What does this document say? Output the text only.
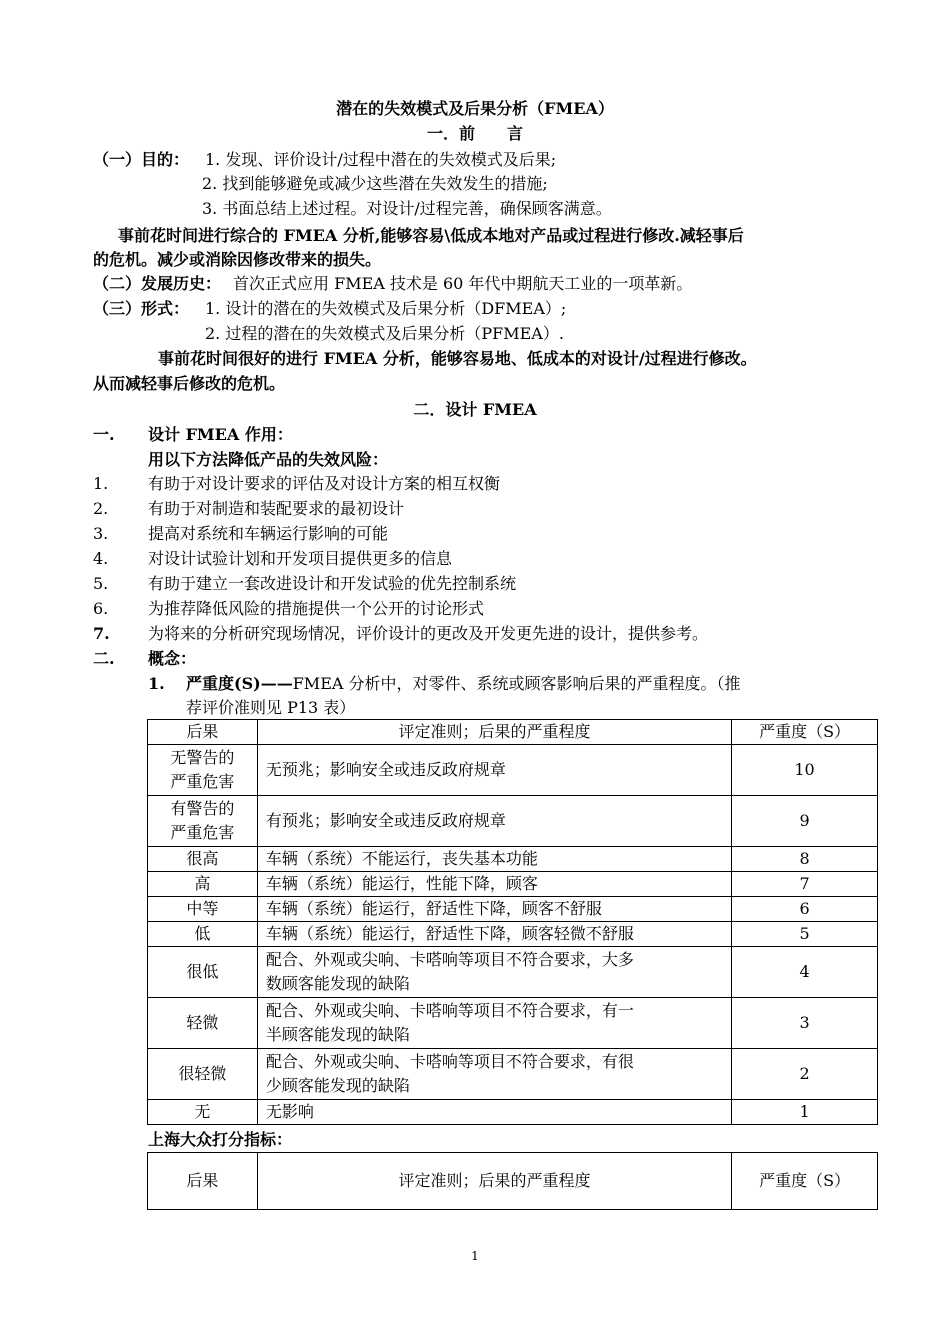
潜在的失效模式及后果分析（FMEA）
一．前　　言
（一）目的： 1. 发现、评价设计/过程中潜在的失效模式及后果;
2. 找到能够避免或减少这些潜在失效发生的措施;
3. 书面总结上述过程。对设计/过程完善，确保顾客满意。
事前花时间进行综合的 FMEA 分析,能够容易\低成本地对产品或过程进行修改.减轻事后
的危机。减少或消除因修改带来的损失。
（二）发展历史： 首次正式应用 FMEA 技术是 60 年代中期航天工业的一项革新。
（三）形式： 1. 设计的潜在的失效模式及后果分析（DFMEA）;
2. 过程的潜在的失效模式及后果分析（PFMEA）.
事前花时间很好的进行 FMEA 分析，能够容易地、低成本的对设计/过程进行修改。
从而减轻事后修改的危机。
二．设计 FMEA
一. 设计 FMEA 作用：
用以下方法降低产品的失效风险：
1. 有助于对设计要求的评估及对设计方案的相互权衡
2. 有助于对制造和装配要求的最初设计
3. 提高对系统和车辆运行影响的可能
4. 对设计试验计划和开发项目提供更多的信息
5. 有助于建立一套改进设计和开发试验的优先控制系统
6. 为推荐降低风险的措施提供一个公开的讨论形式
7. 为将来的分析研究现场情况，评价设计的更改及开发更先进的设计，提供参考。
二. 概念：
1. 严重度(S)——FMEA 分析中，对零件、系统或顾客影响后果的严重程度。（推
荐评价准则见 P13 表）
后果	评定准则；后果的严重程度	严重度（S）
无警告的
严重危害	无预兆；影响安全或违反政府规章	10
有警告的
严重危害	有预兆；影响安全或违反政府规章	9
很高	车辆（系统）不能运行，丧失基本功能	8
高	车辆（系统）能运行，性能下降，顾客	7
中等	车辆（系统）能运行，舒适性下降，顾客不舒服	6
低	车辆（系统）能运行，舒适性下降，顾客轻微不舒服	5
很低	配合、外观或尖响、卡嗒响等项目不符合要求，大多
数顾客能发现的缺陷	4
轻微	配合、外观或尖响、卡嗒响等项目不符合要求，有一
半顾客能发现的缺陷	3
很轻微	配合、外观或尖响、卡嗒响等项目不符合要求，有很
少顾客能发现的缺陷	2
无	无影响	1
上海大众打分指标：
后果	评定准则；后果的严重程度	严重度（S）
1
